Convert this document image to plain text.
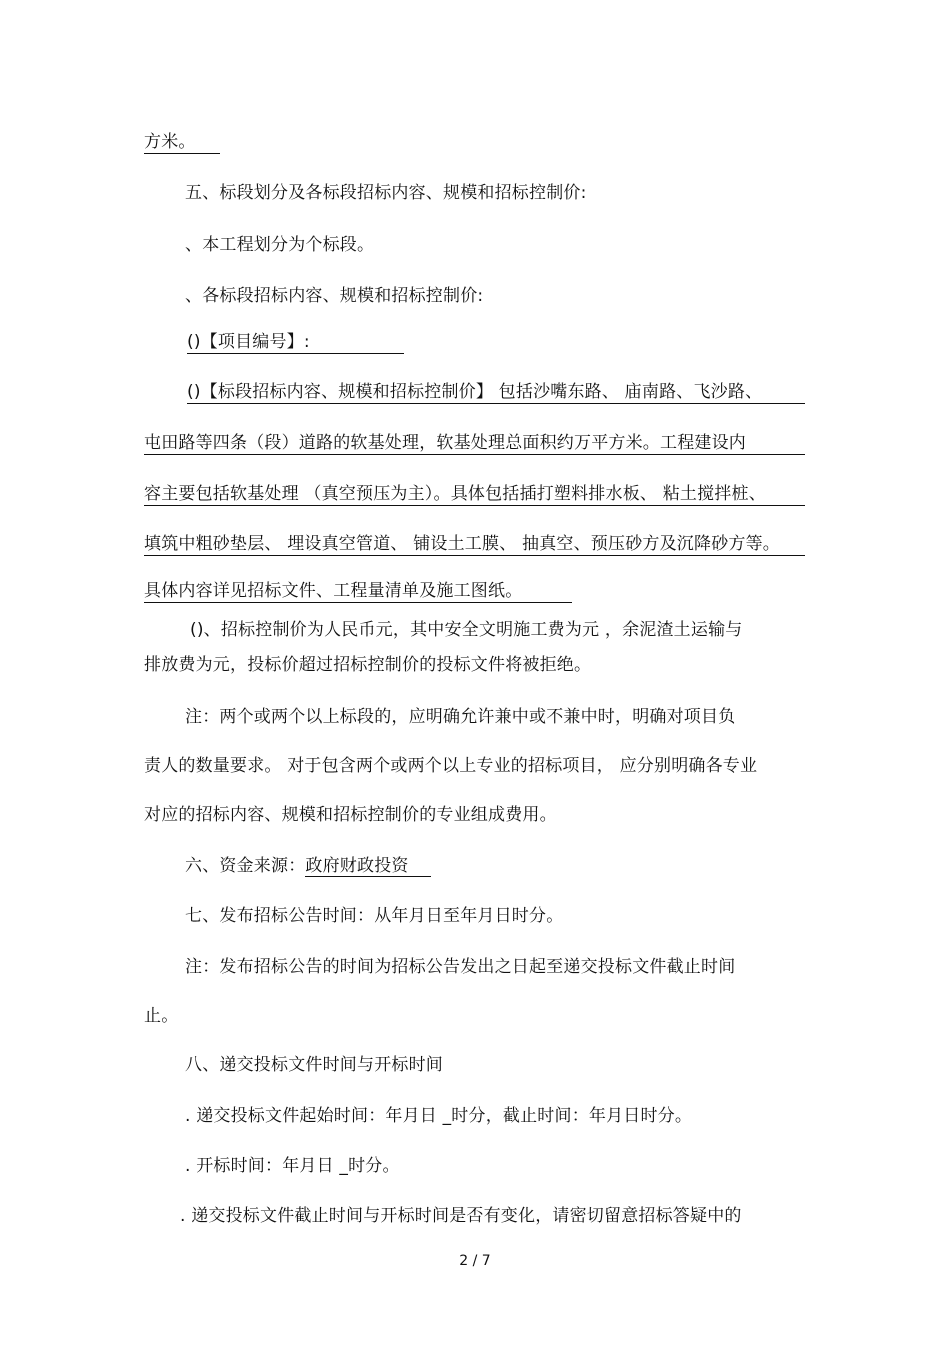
方米。
五、标段划分及各标段招标内容、规模和招标控制价:
、本工程划分为个标段。
、各标段招标内容、规模和招标控制价:
()【项目编号】:
()【标段招标内容、规模和招标控制价】 包括沙嘴东路、 庙南路、飞沙路、
屯田路等四条（段）道路的软基处理，软基处理总面积约万平方米。工程建设内
容主要包括软基处理 （真空预压为主）。具体包括插打塑料排水板、 粘土搅拌桩、
填筑中粗砂垫层、 埋设真空管道、 铺设土工膜、 抽真空、预压砂方及沉降砂方等。
具体内容详见招标文件、工程量清单及施工图纸。
()、招标控制价为人民币元，其中安全文明施工费为元 ，余泥渣土运输与
排放费为元，投标价超过招标控制价的投标文件将被拒绝。
注：两个或两个以上标段的，应明确允许兼中或不兼中时，明确对项目负
责人的数量要求。 对于包含两个或两个以上专业的招标项目， 应分别明确各专业
对应的招标内容、规模和招标控制价的专业组成费用。
六、资金来源：政府财政投资
七、发布招标公告时间：从年月日至年月日时分。
注：发布招标公告的时间为招标公告发出之日起至递交投标文件截止时间
止。
八、递交投标文件时间与开标时间
. 递交投标文件起始时间：年月日 _时分，截止时间：年月日时分。
. 开标时间：年月日 _时分。
. 递交投标文件截止时间与开标时间是否有变化，请密切留意招标答疑中的
2 / 7
